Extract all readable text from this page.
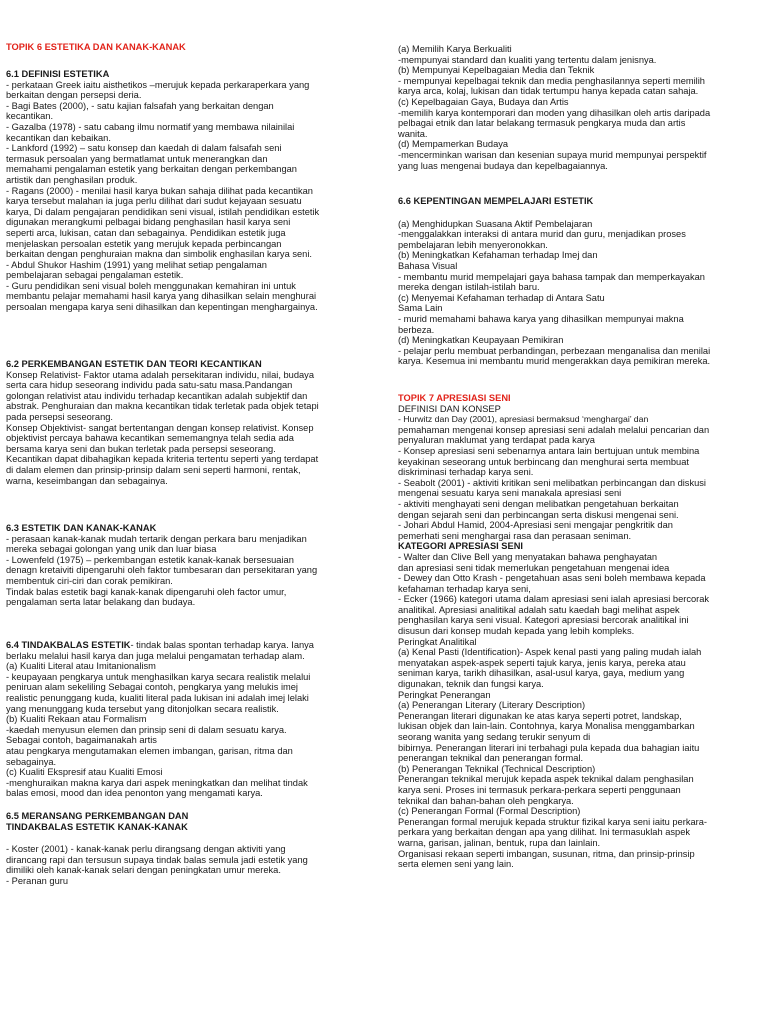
TOPIK 6 ESTETIKA DAN KANAK-KANAK
6.1 DEFINISI ESTETIKA
- perkataan Greek iaitu aisthetikos –merujuk kepada perkaraperkara yang
berkaitan dengan persepsi deria.
- Bagi Bates (2000), - satu kajian falsafah yang berkaitan dengan
kecantikan.
- Gazalba (1978) - satu cabang ilmu normatif yang membawa nilainilai
kecantikan dan kebaikan.
- Lankford (1992) – satu konsep dan kaedah di dalam falsafah seni
termasuk persoalan yang bermatlamat untuk menerangkan dan
memahami pengalaman estetik yang berkaitan dengan perkembangan
artistik dan penghasilan produk.
- Ragans (2000) - menilai hasil karya bukan sahaja dilihat pada kecantikan
karya tersebut malahan ia juga perlu dilihat dari sudut kejayaan sesuatu
karya, Di dalam pengajaran pendidikan seni visual, istilah pendidikan estetik
digunakan merangkumi pelbagai bidang penghasilan hasil karya seni
seperti arca, lukisan, catan dan sebagainya. Pendidikan estetik juga
menjelaskan persoalan estetik yang merujuk kepada perbincangan
berkaitan dengan penghuraian makna dan simbolik enghasilan karya seni.
- Abdul Shukor Hashim (1991) yang melihat setiap pengalaman
pembelajaran sebagai pengalaman estetik.
- Guru pendidikan seni visual boleh menggunakan kemahiran ini untuk
membantu pelajar memahami hasil karya yang dihasilkan selain menghurai
persoalan mengapa karya seni dihasilkan dan kepentingan menghargainya.
6.2 PERKEMBANGAN ESTETIK DAN TEORI KECANTIKAN
Konsep Relativist- Faktor utama adalah persekitaran individu, nilai, budaya
serta cara hidup seseorang individu pada satu-satu masa.Pandangan
golongan relativist atau individu terhadap kecantikan adalah subjektif dan
abstrak. Penghuraian dan makna kecantikan tidak terletak pada objek tetapi
pada persepsi seseorang.
Konsep Objektivist- sangat bertentangan dengan konsep relativist. Konsep
objektivist percaya bahawa kecantikan sememangnya telah sedia ada
bersama karya seni dan bukan terletak pada persepsi seseorang.
Kecantikan dapat dibahagikan kepada kriteria tertentu seperti yang terdapat
di dalam elemen dan prinsip-prinsip dalam seni seperti harmoni, rentak,
warna, keseimbangan dan sebagainya.
6.3 ESTETIK DAN KANAK-KANAK
- perasaan kanak-kanak mudah tertarik dengan perkara baru menjadikan
mereka sebagai golongan yang unik dan luar biasa
- Lowenfeld (1975) – perkembangan estetik kanak-kanak bersesuaian
denagn kretaiviti dipengaruhi oleh faktor tumbesaran dan persekitaran yang
membentuk ciri-ciri dan corak pemikiran.
Tindak balas estetik bagi kanak-kanak dipengaruhi oleh factor umur,
pengalaman serta latar belakang dan budaya.
6.4 TINDAKBALAS ESTETIK- tindak balas spontan terhadap karya. Ianya
berlaku melalui hasil karya dan juga melalui pengamatan terhadap alam.
(a) Kualiti Literal atau Imitanionalism
- keupayaan pengkarya untuk menghasilkan karya secara realistik melalui
peniruan alam sekeliling Sebagai contoh, pengkarya yang melukis imej
realistic penunggang kuda, kualiti literal pada lukisan ini adalah imej lelaki
yang menunggang kuda tersebut yang ditonjolkan secara realistik.
(b) Kualiti Rekaan atau Formalism
-kaedah menyusun elemen dan prinsip seni di dalam sesuatu karya.
Sebagai contoh, bagaimanakah artis
atau pengkarya mengutamakan elemen imbangan, garisan, ritma dan
sebagainya.
(c) Kualiti Ekspresif atau Kualiti Emosi
-menghuraikan makna karya dari aspek meningkatkan dan melihat tindak
balas emosi, mood dan idea penonton yang mengamati karya.
6.5 MERANSANG PERKEMBANGAN DAN
TINDAKBALAS ESTETIK KANAK-KANAK
- Koster (2001) - kanak-kanak perlu dirangsang dengan aktiviti yang
dirancang rapi dan tersusun supaya tindak balas semula jadi estetik yang
dimiliki oleh kanak-kanak selari dengan peningkatan umur mereka.
- Peranan guru
(a) Memilih Karya Berkualiti
-mempunyai standard dan kualiti yang tertentu dalam jenisnya.
(b) Mempunyai Kepelbagaian Media dan Teknik
- mempunyai kepelbagai teknik dan media penghasilannya seperti memilih
karya arca, kolaj, lukisan dan tidak tertumpu hanya kepada catan sahaja.
(c) Kepelbagaian Gaya, Budaya dan Artis
-memilih karya kontemporari dan moden yang dihasilkan oleh artis daripada
pelbagai etnik dan latar belakang termasuk pengkarya muda dan artis
wanita.
(d) Mempamerkan Budaya
-mencerminkan warisan dan kesenian supaya murid mempunyai perspektif
yang luas mengenai budaya dan kepelbagaiannya.
6.6 KEPENTINGAN MEMPELAJARI ESTETIK
(a) Menghidupkan Suasana Aktif Pembelajaran
-menggalakkan interaksi di antara murid dan guru, menjadikan proses
pembelajaran lebih menyeronokkan.
(b) Meningkatkan Kefahaman terhadap Imej dan
Bahasa Visual
- membantu murid mempelajari gaya bahasa tampak dan memperkayakan
mereka dengan istilah-istilah baru.
(c) Menyemai Kefahaman terhadap di Antara Satu
Sama Lain
- murid memahami bahawa karya yang dihasilkan mempunyai makna
berbeza.
(d) Meningkatkan Keupayaan Pemikiran
- pelajar perlu membuat perbandingan, perbezaan menganalisa dan menilai
karya. Kesemua ini membantu murid mengerakkan daya pemikiran mereka.
TOPIK 7 APRESIASI SENI
DEFINISI DAN KONSEP
- Hurwitz dan Day (2001), apresiasi bermaksud ‘menghargai’ dan
pemahaman mengenai konsep apresiasi seni adalah melalui pencarian dan
penyaluran maklumat yang terdapat pada karya
- Konsep apresiasi seni sebenarnya antara lain bertujuan untuk membina
keyakinan seseorang untuk berbincang dan menghurai serta membuat
diskriminasi terhadap karya seni.
- Seabolt (2001) - aktiviti kritikan seni melibatkan perbincangan dan diskusi
mengenai sesuatu karya seni manakala apresiasi seni
- aktiviti menghayati seni dengan melibatkan pengetahuan berkaitan
dengan sejarah seni dan perbincangan serta diskusi mengenai seni.
- Johari Abdul Hamid, 2004-Apresiasi seni mengajar pengkritik dan
pemerhati seni menghargai rasa dan perasaan seniman.
KATEGORI APRESIASI SENI
- Walter dan Clive Bell yang menyatakan bahawa penghayatan
dan apresiasi seni tidak memerlukan pengetahuan mengenai idea
- Dewey dan Otto Krash - pengetahuan asas seni boleh membawa kepada
kefahaman terhadap karya seni,
- Ecker (1966) kategori utama dalam apresiasi seni ialah apresiasi bercorak
analitikal. Apresiasi analitikal adalah satu kaedah bagi melihat aspek
penghasilan karya seni visual. Kategori apresiasi bercorak analitikal ini
disusun dari konsep mudah kepada yang lebih kompleks.
Peringkat Analitikal
(a) Kenal Pasti (Identification)- Aspek kenal pasti yang paling mudah ialah
menyatakan aspek-aspek seperti tajuk karya, jenis karya, pereka atau
seniman karya, tarikh dihasilkan, asal-usul karya, gaya, medium yang
digunakan, teknik dan fungsi karya.
Peringkat Penerangan
(a) Penerangan Literary (Literary Description)
Penerangan literari digunakan ke atas karya seperti potret, landskap,
lukisan objek dan lain-lain. Contohnya, karya Monalisa menggambarkan
seorang wanita yang sedang terukir senyum di
bibirnya. Penerangan literari ini terbahagi pula kepada dua bahagian iaitu
penerangan teknikal dan penerangan formal.
(b) Penerangan Teknikal (Technical Description)
Penerangan teknikal merujuk kepada aspek teknikal dalam penghasilan
karya seni. Proses ini termasuk perkara-perkara seperti penggunaan
teknikal dan bahan-bahan oleh pengkarya.
(c) Penerangan Formal (Formal Description)
Penerangan formal merujuk kepada struktur fizikal karya seni iaitu perkara-
perkara yang berkaitan dengan apa yang dilihat. Ini termasuklah aspek
warna, garisan, jalinan, bentuk, rupa dan lainlain.
Organisasi rekaan seperti imbangan, susunan, ritma, dan prinsip-prinsip
serta elemen seni yang lain.
